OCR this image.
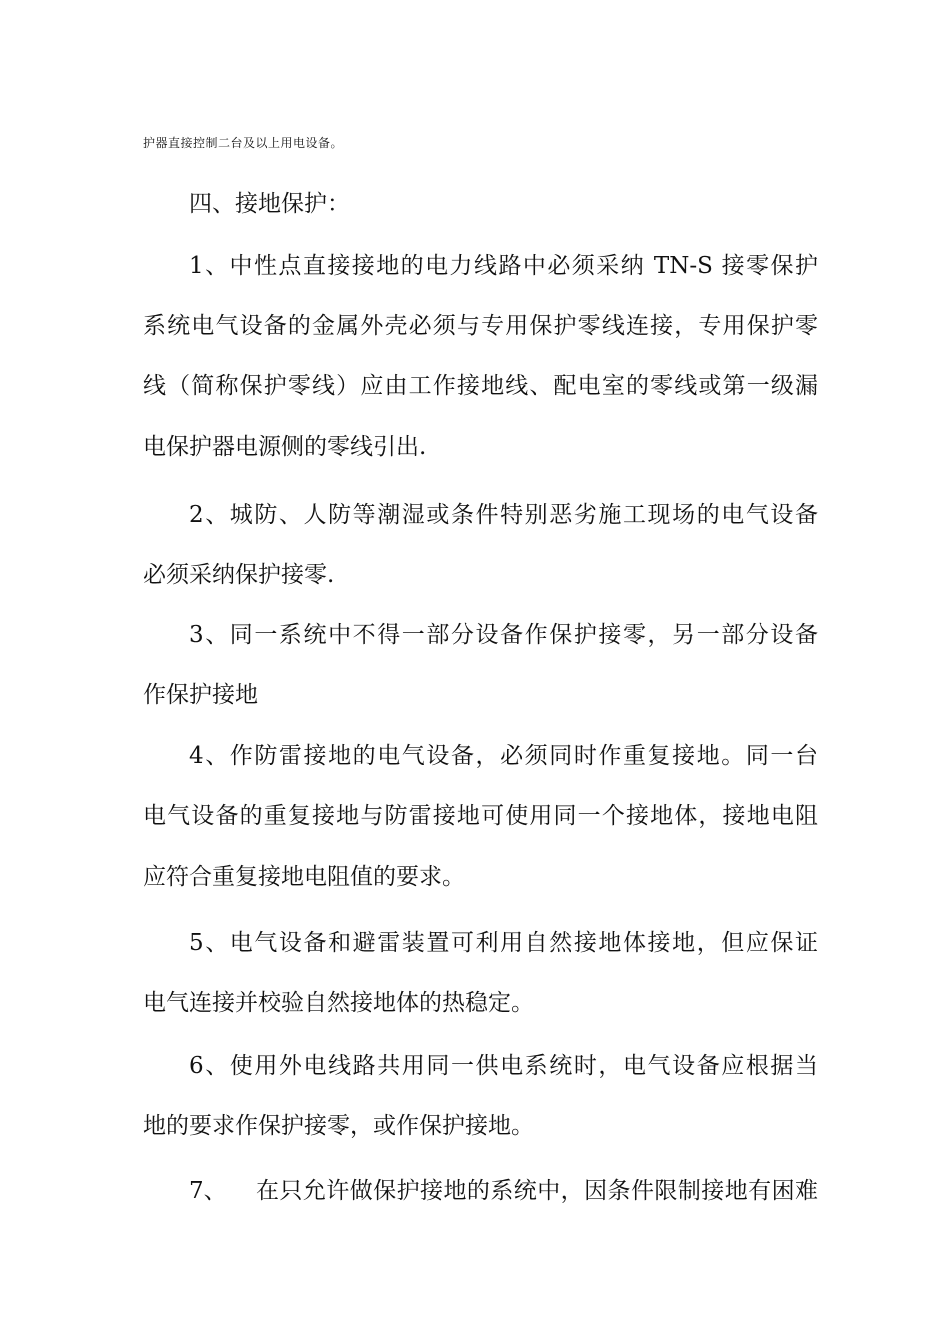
护器直接控制二台及以上用电设备。
四、接地保护：
1、中性点直接接地的电力线路中必须采纳 TN-S 接零保护
系统电气设备的金属外壳必须与专用保护零线连接，专用保护零
线（简称保护零线）应由工作接地线、配电室的零线或第一级漏
电保护器电源侧的零线引出.
2、城防、人防等潮湿或条件特别恶劣施工现场的电气设备
必须采纳保护接零.
3、同一系统中不得一部分设备作保护接零，另一部分设备
作保护接地
4、作防雷接地的电气设备，必须同时作重复接地。同一台
电气设备的重复接地与防雷接地可使用同一个接地体，接地电阻
应符合重复接地电阻值的要求。
5、电气设备和避雷装置可利用自然接地体接地，但应保证
电气连接并校验自然接地体的热稳定。
6、使用外电线路共用同一供电系统时，电气设备应根据当
地的要求作保护接零，或作保护接地。
7、 在只允许做保护接地的系统中，因条件限制接地有困难
